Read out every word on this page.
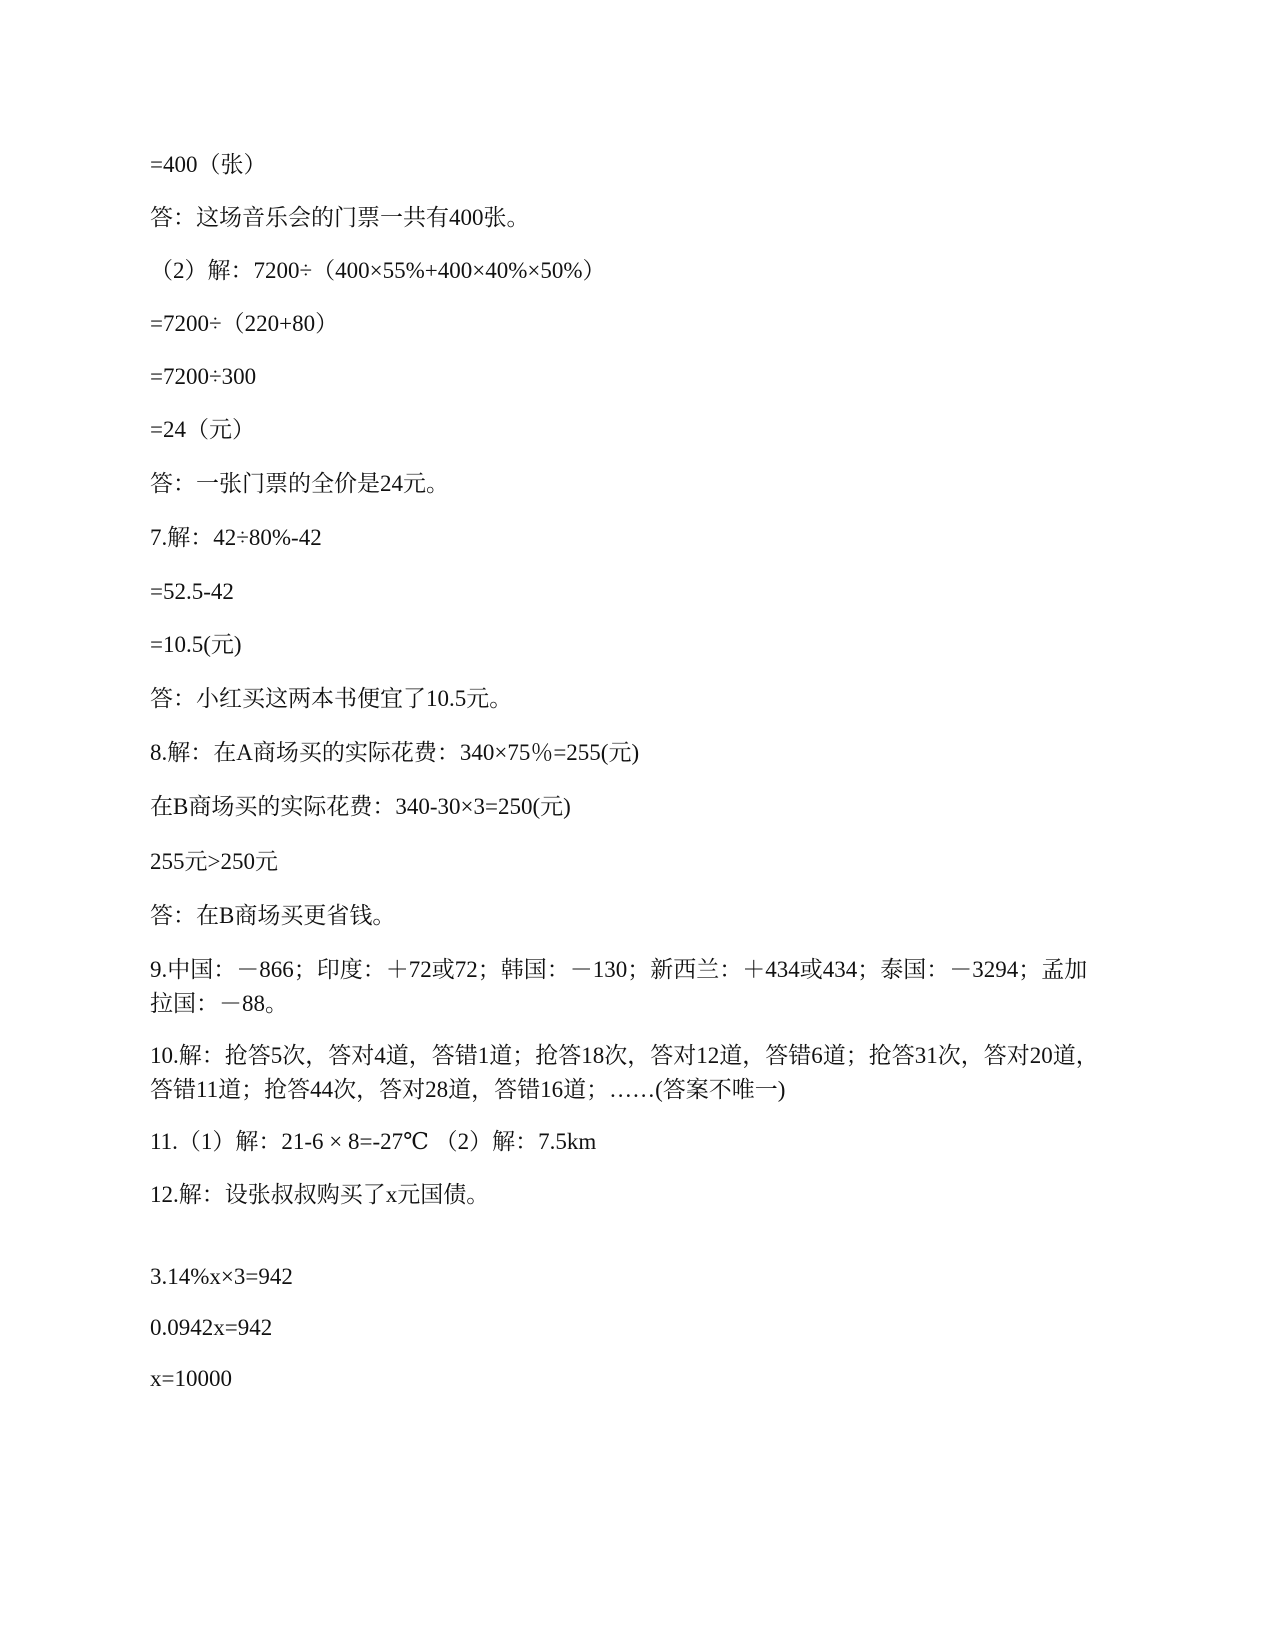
=400（张）
答：这场音乐会的门票一共有400张。
（2）解：7200÷（400×55%+400×40%×50%）
=7200÷（220+80）
=7200÷300
=24（元）
答：一张门票的全价是24元。
7.解：42÷80%-42
=52.5-42
=10.5(元)
答：小红买这两本书便宜了10.5元。
8.解：在A商场买的实际花费：340×75％=255(元)
在B商场买的实际花费：340-30×3=250(元)
255元>250元
答：在B商场买更省钱。
9.中国：－866；印度：＋72或72；韩国：－130；新西兰：＋434或434；泰国：－3294；孟加拉国：－88。
10.解：抢答5次，答对4道，答错1道；抢答18次，答对12道，答错6道；抢答31次，答对20道，答错11道；抢答44次，答对28道，答错16道；……(答案不唯一)
11.（1）解：21-6 × 8=-27℃ （2）解：7.5km
12.解：设张叔叔购买了x元国债。
3.14%x×3=942
0.0942x=942
x=10000
